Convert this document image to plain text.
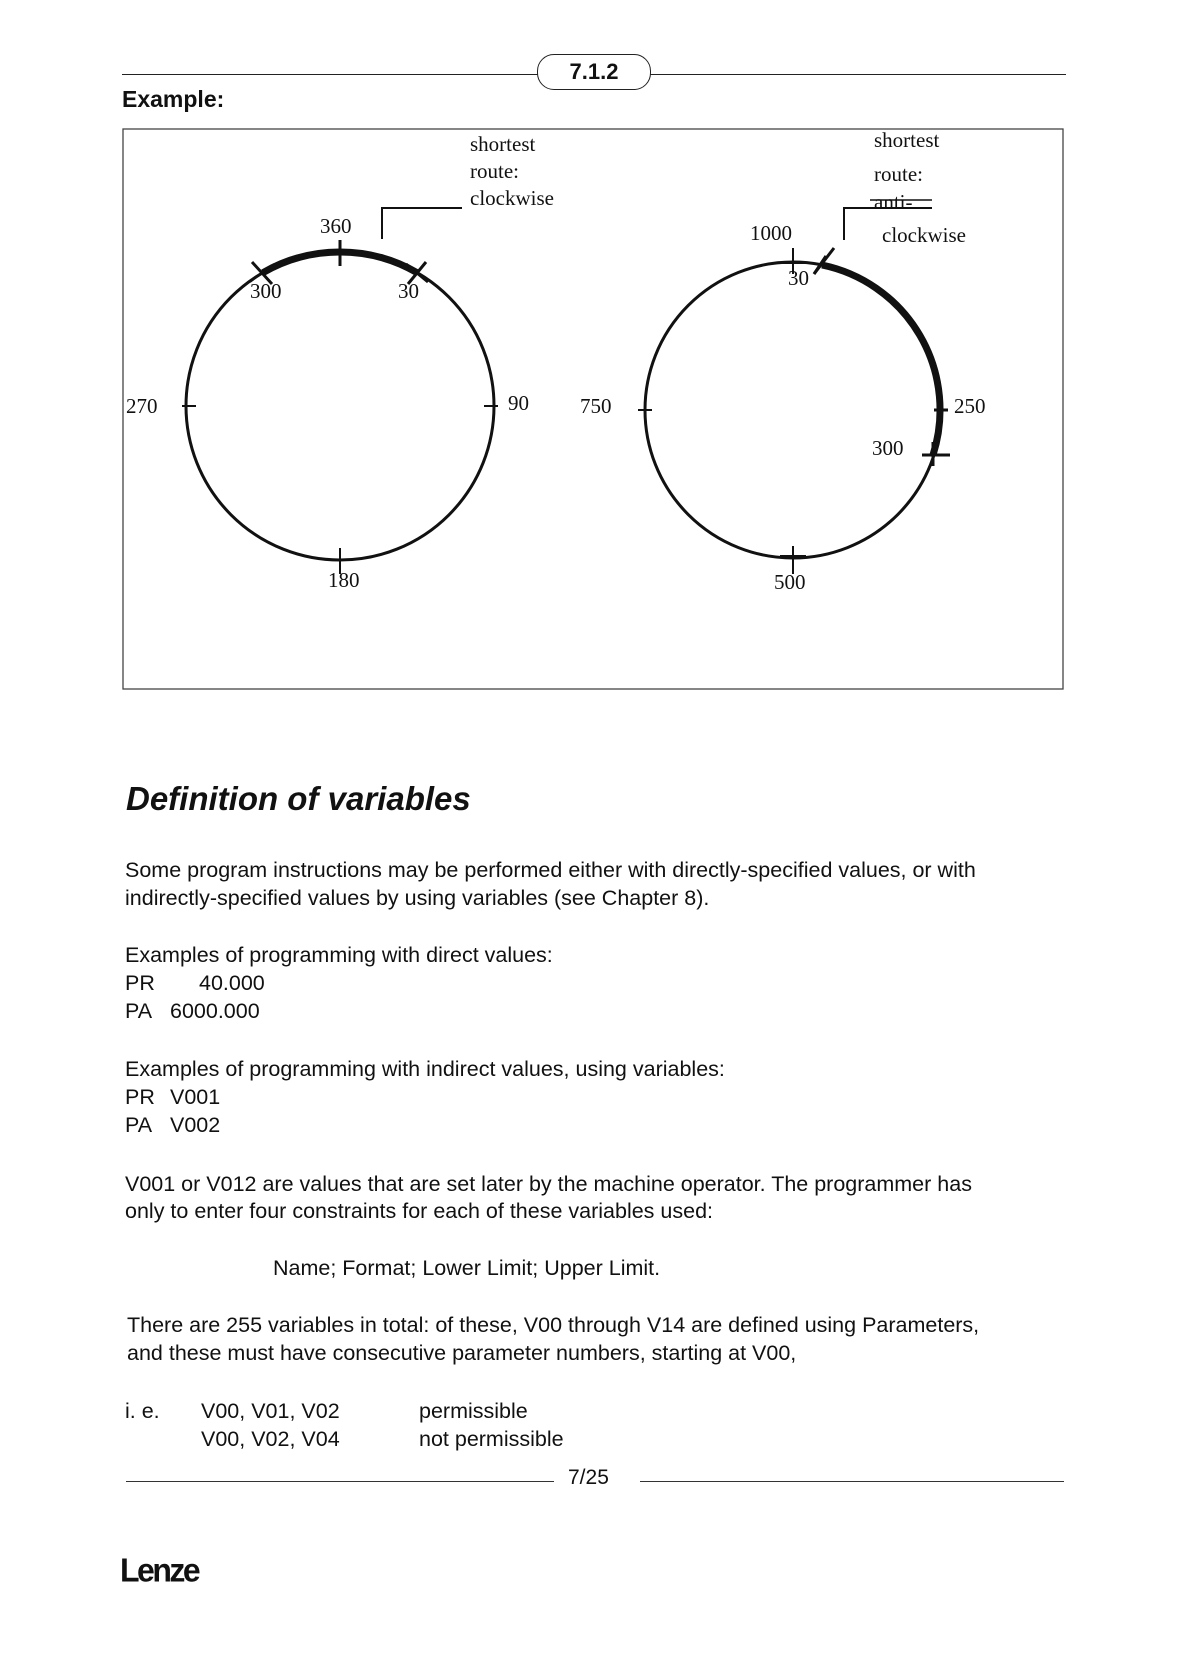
7.1.2
Example:
shortest
route:
clockwise
360
300	30
270	90
180
shortest
route:
anti-
clockwise
1000
30
750	250
300
500
Definition of variables
Some program instructions may be performed either with directly-specified values, or with
indirectly-specified values by using variables (see Chapter 8).
Examples of programming with direct values:
PR 40.000
PA 6000.000
Examples of programming with indirect values, using variables:
PR V001
PA V002
V001 or V012 are values that are set later by the machine operator. The programmer has
only to enter four constraints for each of these variables used:
Name; Format; Lower Limit; Upper Limit.
There are 255 variables in total: of these, V00 through V14 are defined using Parameters,
and these must have consecutive parameter numbers, starting at V00,
i. e. V00, V01, V02	permissible
V00, V02, V04	not permissible
7/25
Lenze
